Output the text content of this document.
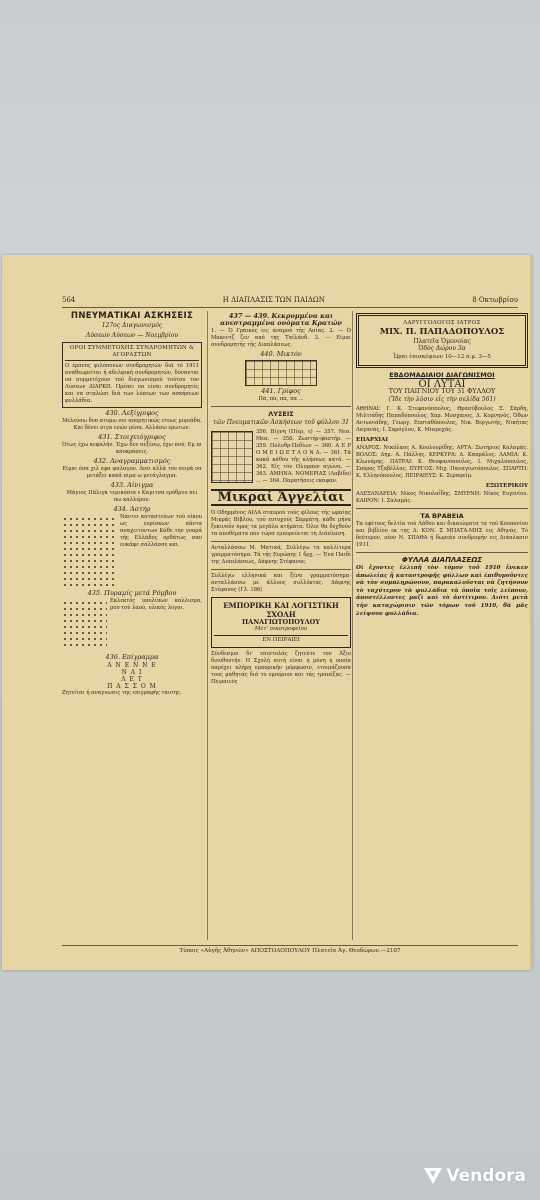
564	Η ΔΙΑΠΛΑΣΙΣ ΤΩΝ ΠΑΙΔΩΝ	8 Οκτωβρίου
ΠΝΕΥΜΑΤΙΚΑΙ ΑΣΚΗΣΕΙΣ
127ος Διαγωνισμός
Λύσεων Λύσεων — Νοεμβρίου
ΟΡΟΙ ΣΥΜΜΕΤΟΧΗΣ ΣΥΝΔΡΟΜΗΤΩΝ & ΑΓΟΡΑΣΤΩΝ

Ο έρανος φιλόπονων συνδρομητών διά τό 1911 αναθεωρείται ή αδελφική συνδρομητών, δύνανται να συμμετέχουν τού διαγωνισμού τούτου τον Λύσεων ΔΙΑΡΚΗ. Πρέπει να είναι συνδρομητές και να σταλώσι διά των λύσεων των ασκήσεων φυλλάδια.

430. Λεξίγριφος

Μελεύσω δυο ατυμω ουι απορητικώς ετεως μυριάδα. Και δένει σιγα ενών μέσα. Αλλάσω ερωτων.

431. Στοιχειόγριφος

Ότως έχω κεφαλήν. Έχω δεν σεξέσω, έχω πού; Εμ πι αποκράσεις.

432. Αναγραμματισμός

Είμαι όσα χιλ εφα ψαλαγον. Δνει αλλά του σειρά να μετάξει κακά πιμα ω μετάγλαγμα.

433. Αίνιγμα

Μάγιος Πάλιγκ τεμικόσια ε Καμιτσα ερύθρου πει πω καλλέρου.

434. Αστήρ

Νάντει καταστεύων τού οίκου ως ευρίσκων πάντα αναχειτόντων Κάθε την γυαρά τής Ελλάδος ορθάτως σαν ευκάφε σαλλάσσε και.

435. Πυραμίς μετά Ρόμβου

Εκλεκτός υπολίπων καλλισμα, μου τού λαού, υλικός λογοι.

436. Επίγραμμα
Α Ν Ε Ν Ν Ε
Ν Α Ι
Λ Ε Τ
Π Α Σ Σ Ο Μ

Ζητείται ή αναγνωσις της επιγραφής ταυτης.

437 — 439. Κεκρυμμένα και ανεστραμμένα ονόματα Κρατών

1. — Ό Γραικός εις αναμού τής Ασίας. 2. — Ό Μακεντζ ζεν από της Ταϊλάνδ. 3. — Είμαι συνδρομητής τής Διαπλάσεως.

440. Μικτόν
441. Γρίφος

Πα, πα, πα, πα ...

ΛΥΣΕΙΣ
τῶν Πνευματικῶν Ἀσκήσεων τοῦ φύλλου 31

356. Βίγνη (Πίερ, ε) — 357. Νεα. Μεα. — 358. Ζωστήρ-φαστήρ. — 359. Πολυθρ-Πεδίων — 360. Α Ε Ρ Ο Μ Ε Ι Ω Ε Τ Λ Ο Ν Δ. — 361. Τά κακά κάθου τής κλήσεως κατά. — 362. Είς τόν Ολυμπον αγώνα. — 363. ΑΜΗΝΑ. ΝΟΜΕΡΙΑΣ (Λαβίδο) ... — 364. Παρατήσεις εκαφαν.

Μικραί Ἀγγελίαι

Ό Οδηρμένος ΑΙΛΑ σταυρού τούς φίλους τής ωραίας Μικράς Βίβλου, τού ευτυχούς Σαρμάτη, κάθε μήνα ξεκινούν προς τα μεγάλα κτήματα. Όλοι θα δεχθούν τα αποθέματα που τώρα εμπορεύεται τη Διάπλαση.

Ανταλλάσσω Μ. Ματικά, Συλλέγω τα καλλίτερα γραμματόσημα. Τά τής Ευρώπης 1 δρχ. — Ένα Παιδί της Διαπλάσεως, Δάφνης Στέφανος.

Συλλέγω ελληνικά και ξένα γραμματόσημα· ανταλλάσσω με άλλους συλλέκτας. Δάφνης Στέφανος (Γλ. 186)

ΕΜΠΟΡΙΚΗ ΚΑΙ ΛΟΓΙΣΤΙΚΗ ΣΧΟΛΗ
ΠΑΝΑΓΙΩΤΟΠΟΥΛΟΥ
Μετ' οικοτροφείου
ΕΝ ΠΕΙΡΑΙΕΙ

Σύνδεσμοι δι' επιστολάς ζητεύτε τον Άξιο διευθυντήν. Η Σχολή αυτή είναι η μόνη η οποία παρέχει πλήρη εμπορικήν μόρφωσιν, ετοιμάζουσα τους μαθητάς διά το εμπόριον και τάς τραπέζας. — Πειραιεύς

ΛΑΡΥΓΓΟΛΟΓΟΣ ΙΑΤΡΟΣ
ΜΙΧ. Π. ΠΑΠΑΔΟΠΟΥΛΟΣ
Πλατεῖα Ὁμονοίας
Ὁδὸς Δώρου 3α
Ὧραι ἐπισκέψεων 10—12 π.μ. 3—5
ΕΒΔΟΜΑΔΙΑΙΟΙ ΔΙΑΓΩΝΙΣΜΟΙ
ΟΙ ΛΥΤΑΙ
ΤΟΥ ΠΑΙΓΝΙΟΥ ΤΟΥ 31 ΦΥΛΛΟΥ
(Ἴδε τὴν λύσιν εἰς τὴν σελίδα 561)

ΑΘΗΝΑΙ: Γ. Κ. Στεφανόπουλος, Θρασύβουλος Ξ. Σάρδη, Μιλτιάδης Παπαδόπουλος, Χαρ. Μοσχανος, Δ. Κομνηνός, Όθων Αντωνιάδης, Γεωργ. Ευσταθόπουλος, Νικ. Βεργωτής, Νικήτας Λαγανάς, Ι. Σαρόγλου, Κ. Μπερεχάς.

ΕΠΑΡΧΙΑΙ

ΑΝΔΡΟΣ: Νικόλαος Α. Κουλουρίδης. ΑΡΤΑ: Σωτήριος Καλαμάς. ΒΟΛΟΣ: Δημ. Α. Πάλλης. ΚΕΡΚΥΡΑ: Δ. Καπράλος. ΛΑΜΙΑ: Κ. Κλωνάρης. ΠΑΤΡΑΙ: Κ. Θεοφανόπουλος, Ι. Μιχαλόπουλος, Σπύρος Τζαβέλλας. ΠΥΡΓΟΣ: Μιχ. Παναγιωτόπουλος. ΣΠΑΡΤΗ: Κ. Ελληνόπουλος. ΠΕΙΡΑΙΕΥΣ: Κ. Σεραφείμ.

ΕΞΩΤΕΡΙΚΟΥ

ΑΛΕΞΑΝΔΡΕΙΑ: Νίκος Νικολαΐδης. ΣΜΥΡΝΗ: Νίκος Ευγενίου. ΚΑΙΡΟΝ: Ι. Σαλαμάς.

ΤΑ ΒΡΑΒΕΙΑ

Τα εφέτους δελτία τού Λάθου και δικαιώματα τα τού Κουπονίου και βιβλίου εκ της Δ. ΚΟΝ. Σ ΜΠΑΤΑ·ΜΗΣ εις Αθηνάς. Τό δεύτερον, νέον Ν. ΣΠΑΘΑ ή δωρεάν συνδρομήν εις Διάπλασιν 1911.

ΦΥΛΛΑ ΔΙΑΠΛΑΣΕΩΣ

Οἱ ἔχοντες ἐλλιπῆ τὸν τόμον τοῦ 1910 ἕνεκεν ἀπωλείας ἢ καταστροφῆς φύλλων καὶ ἐπιθυμοῦντες νὰ τὸν συμπληρώσουν, παρακαλοῦνται νὰ ζητήσουν τὸ ταχύτερον τὰ φυλλάδια τὰ ὁποῖα τοῖς λείπουν, ἀποστέλλοντες μαζὶ καὶ τὸ ἀντίτιμον. Διότι μετὰ τὴν καταχώρισιν τῶν τόμων τοῦ 1910, θὰ μᾶς λείψουν φυλλάδια.

Τύποις «Αὐγῆς Ἀθηνῶν» ΑΠΟΣΤΟΛΟΠΟΥΛΟΥ Πλατεῖα Ἀγ. Θεοδώρων.—2107
Vendora
